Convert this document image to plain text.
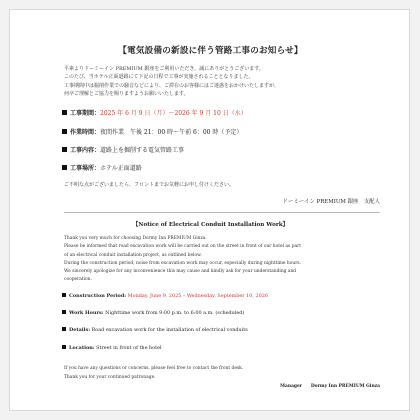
【電気設備の新設に伴う管路工事のお知らせ】

平素よりドーミーイン PREMIUM 銀座をご利用いただき、誠にありがとうございます。

このたび、当ホテル正面道路にて下記の日程で工事が実施されることとなりました。

工事期間中は掘削作業での騒音などにより、ご滞在のお客様にはご迷惑をおかけいたしますが、

何卒ご理解とご協力を賜りますようお願いいたします。

工事期間：2025 年 6 月 9 日（月）～2026 年 9 月 10 日（水）
作業時間：夜間作業　午後 21：00 時～午前 6：00 時（予定）
工事内容：道路上を掘削する電気管路工事
工事場所：ホテル正面道路
ご不明な点がございましたら、フロントまでお気軽にお申し付けください。
ドーミーイン PREMIUM 銀座　支配人
【Notice of Electrical Conduit Installation Work】

Thank you very much for choosing Dormy Inn PREMIUM Ginza.

Please be informed that road excavation work will be carried out on the street in front of our hotel as part

of an electrical conduit installation project, as outlined below.

During the construction period, noise from excavation work may occur, especially during nighttime hours.

We sincerely apologize for any inconvenience this may cause and kindly ask for your understanding and

cooperation.

Construction Period: Monday, June 9, 2025 – Wednesday, September 10, 2026
Work Hours: Nighttime work from 9:00 p.m. to 6:00 a.m. (scheduled)
Details: Road excavation work for the installation of electrical conduits
Location: Street in front of the hotel

If you have any questions or concerns, please feel free to contact the front desk.

Thank you for your continued patronage.

Manager　　Dormy Inn PREMIUM Ginza
